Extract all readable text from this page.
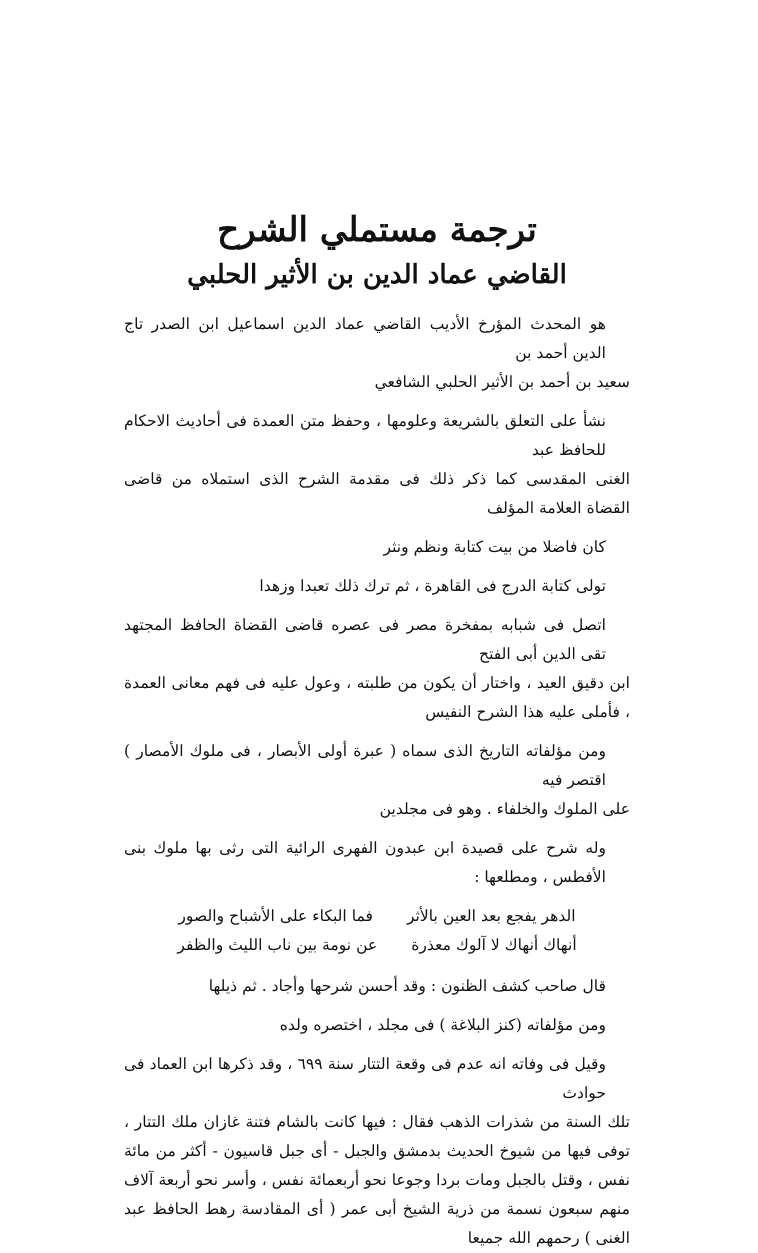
ترجمة مستملي الشرح
القاضي عماد الدين بن الأثير الحلبي

هو المحدث المؤرخ الأديب القاضي عماد الدين اسماعيل ابن الصدر تاج الدين أحمد بن
سعيد بن أحمد بن الأثير الحلبي الشافعي

نشأ على التعلق بالشريعة وعلومها ، وحفظ متن العمدة فى أحاديث الاحكام للحافظ عبد
الغنى المقدسى كما ذكر ذلك فى مقدمة الشرح الذى استملاه من قاضى القضاة العلامة المؤلف

كان فاضلا من بيت كتابة ونظم ونثر

تولى كتابة الدرج فى القاهرة ، ثم ترك ذلك تعبدا وزهدا

اتصل فى شبابه بمفخرة مصر فى عصره قاضى القضاة الحافظ المجتهد تقى الدين أبى الفتح
ابن دقيق العيد ، واختار أن يكون من طلبته ، وعول عليه فى فهم معانى العمدة ، فأملى عليه هذا الشرح النفيس

ومن مؤلفاته التاريخ الذى سماه ( عبرة أولى الأبصار ، فى ملوك الأمصار ) اقتصر فيه
على الملوك والخلفاء . وهو فى مجلدين

وله شرح على قصيدة ابن عبدون الفهرى الرائية التى رثى بها ملوك بنى الأفطس ، ومطلعها :

الدهر يفجع بعد العين بالأثر
فما البكاء على الأشباح والصور
أنهاك أنهاك لا آلوك معذرة
عن نومة بين ناب الليث والظفر

قال صاحب كشف الظنون : وقد أحسن شرحها وأجاد . ثم ذيلها

ومن مؤلفاته (كنز البلاغة ) فى مجلد ، اختصره ولده

وقيل فى وفاته انه عدم فى وقعة التتار سنة ٦٩٩ ، وقد ذكرها ابن العماد فى حوادث
تلك السنة من شذرات الذهب فقال : فيها كانت بالشام فتنة غازان ملك التتار ، توفى فيها من شيوخ الحديث بدمشق والجبل - أى جبل قاسيون - أكثر من مائة نفس ، وقتل بالجبل ومات بردا وجوعا نحو أربعمائة نفس ، وأسر نحو أربعة آلاف منهم سبعون نسمة من ذرية الشيخ أبى عمر ( أى المقادسة رهط الحافظ عبد الغنى ) رحمهم الله جميعا
